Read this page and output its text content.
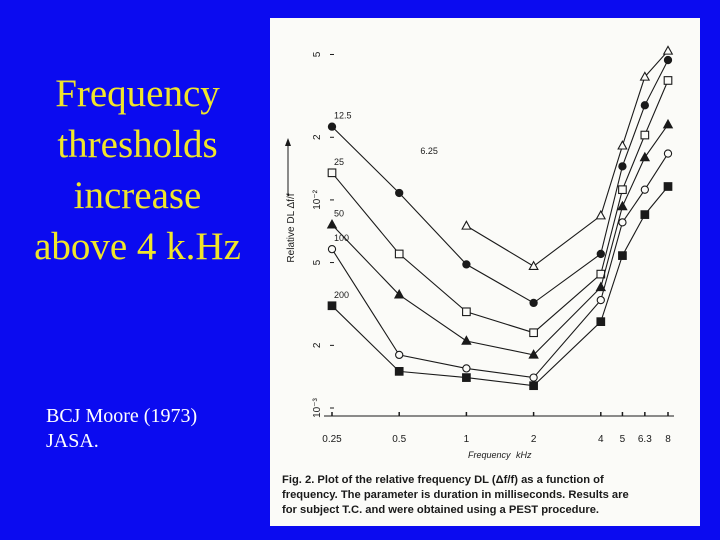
Frequency
thresholds
increase
above 4 k.Hz
BCJ Moore (1973)
JASA.	0.25	0.5	1	2	4 5 6.3 8
Frequency kHz
10⁻³
2
5
10⁻²
2
5
Relative DL Δf/f
6.25
12.5
25
50
100
200
Fig. 2. Plot of the relative frequency DL (Δf/f) as a function of
frequency. The parameter is duration in milliseconds. Results are
for subject T.C. and were obtained using a PEST procedure.
